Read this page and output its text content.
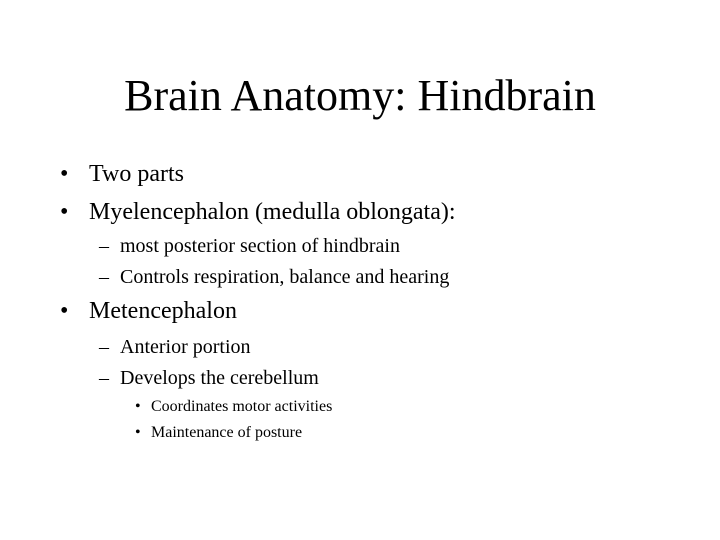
Brain Anatomy: Hindbrain
• Two parts
• Myelencephalon (medulla oblongata):
– most posterior section of hindbrain
– Controls respiration, balance and hearing
• Metencephalon
– Anterior portion
– Develops the cerebellum
• Coordinates motor activities
• Maintenance of posture
